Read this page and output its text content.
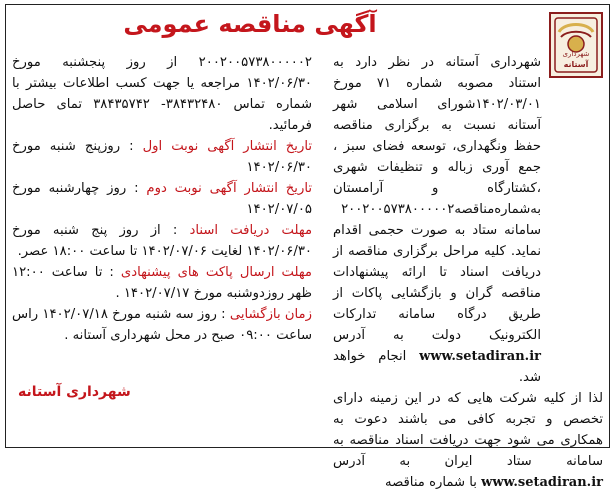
آگهی مناقصه عمومی
شهرداری
آستانه

شهرداری آستانه در نظر دارد به استناد مصوبه شماره ۷۱ مورخ ۱۴۰۲/۰۳/۰۱شورای اسلامی شهر آستانه نسبت به برگزاری مناقصه حفظ ونگهداری، توسعه فضای سبز ، جمع آوری زباله و تنظیفات شهری ،کشتارگاه و آرامستان به‌شماره‌مناقصه۲۰۰۲۰۰۵۷۳۸۰۰۰۰۰۲ سامانه ستاد به صورت حجمی اقدام نماید. کلیه مراحل برگزاری مناقصه از دریافت اسناد تا ارائه پیشنهادات مناقصه گران و بازگشایی پاکات از طریق درگاه سامانه تدارکات الکترونیک دولت به آدرس www.setadiran.ir انجام خواهد شد.

لذا از کلیه شرکت هایی که در این زمینه دارای تخصص و تجربه کافی می باشند دعوت به همکاری می شود جهت دریافت اسناد مناقصه به سامانه ستاد ایران به آدرس www.setadiran.ir با شماره مناقصه

۲۰۰۲۰۰۵۷۳۸۰۰۰۰۰۲ از روز پنجشنبه مورخ ۱۴۰۲/۰۶/۳۰ مراجعه یا جهت کسب اطلاعات بیشتر با شماره تماس ۳۸۴۳۲۴۸۰- ۳۸۴۳۵۷۴۲ تمای حاصل فرمائید.

تاریخ انتشار آگهی نوبت اول : روزپنج شنبه مورخ ۱۴۰۲/۰۶/۳۰

تاریخ انتشار آگهی نوبت دوم : روز چهارشنبه مورخ ۱۴۰۲/۰۷/۰۵

مهلت دریافت اسناد : از روز پنج شنبه مورخ ۱۴۰۲/۰۶/۳۰ لغایت ۱۴۰۲/۰۷/۰۶ تا ساعت ۱۸:۰۰ عصر.

مهلت ارسال پاکت های پیشنهادی : تا ساعت ۱۲:۰۰ ظهر روزدوشنبه مورخ ۱۴۰۲/۰۷/۱۷ .

زمان بازگشایی : روز سه شنبه مورخ ۱۴۰۲/۰۷/۱۸ راس ساعت ۰۹:۰۰ صبح در محل شهرداری آستانه .

شهرداری آستانه
